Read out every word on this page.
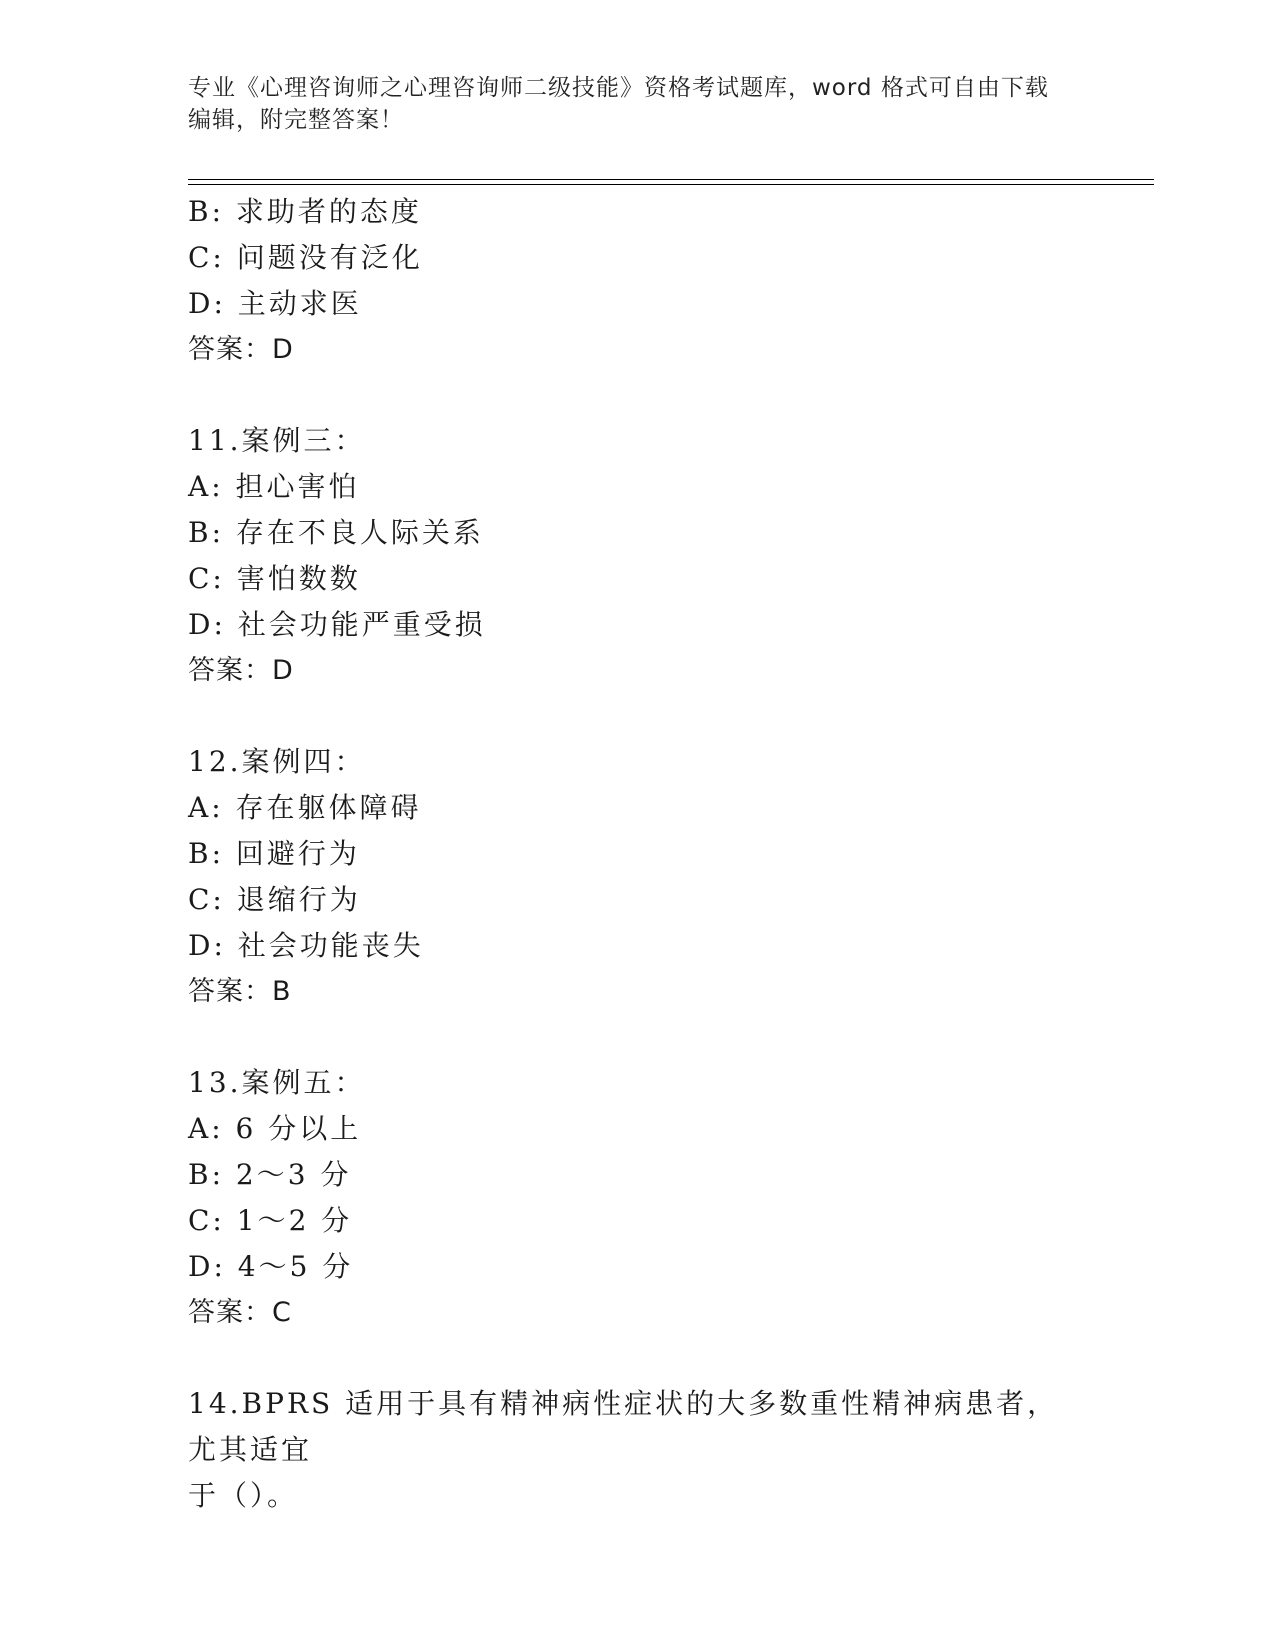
专业《心理咨询师之心理咨询师二级技能》资格考试题库，word 格式可自由下载
编辑，附完整答案！
B: 求助者的态度
C: 问题没有泛化
D: 主动求医
答案：D
11.案例三：
A: 担心害怕
B: 存在不良人际关系
C: 害怕数数
D: 社会功能严重受损
答案：D
12.案例四：
A: 存在躯体障碍
B: 回避行为
C: 退缩行为
D: 社会功能丧失
答案：B
13.案例五：
A: 6 分以上
B: 2～3 分
C: 1～2 分
D: 4～5 分
答案：C
14.BPRS 适用于具有精神病性症状的大多数重性精神病患者，尤其适宜
于（）。
